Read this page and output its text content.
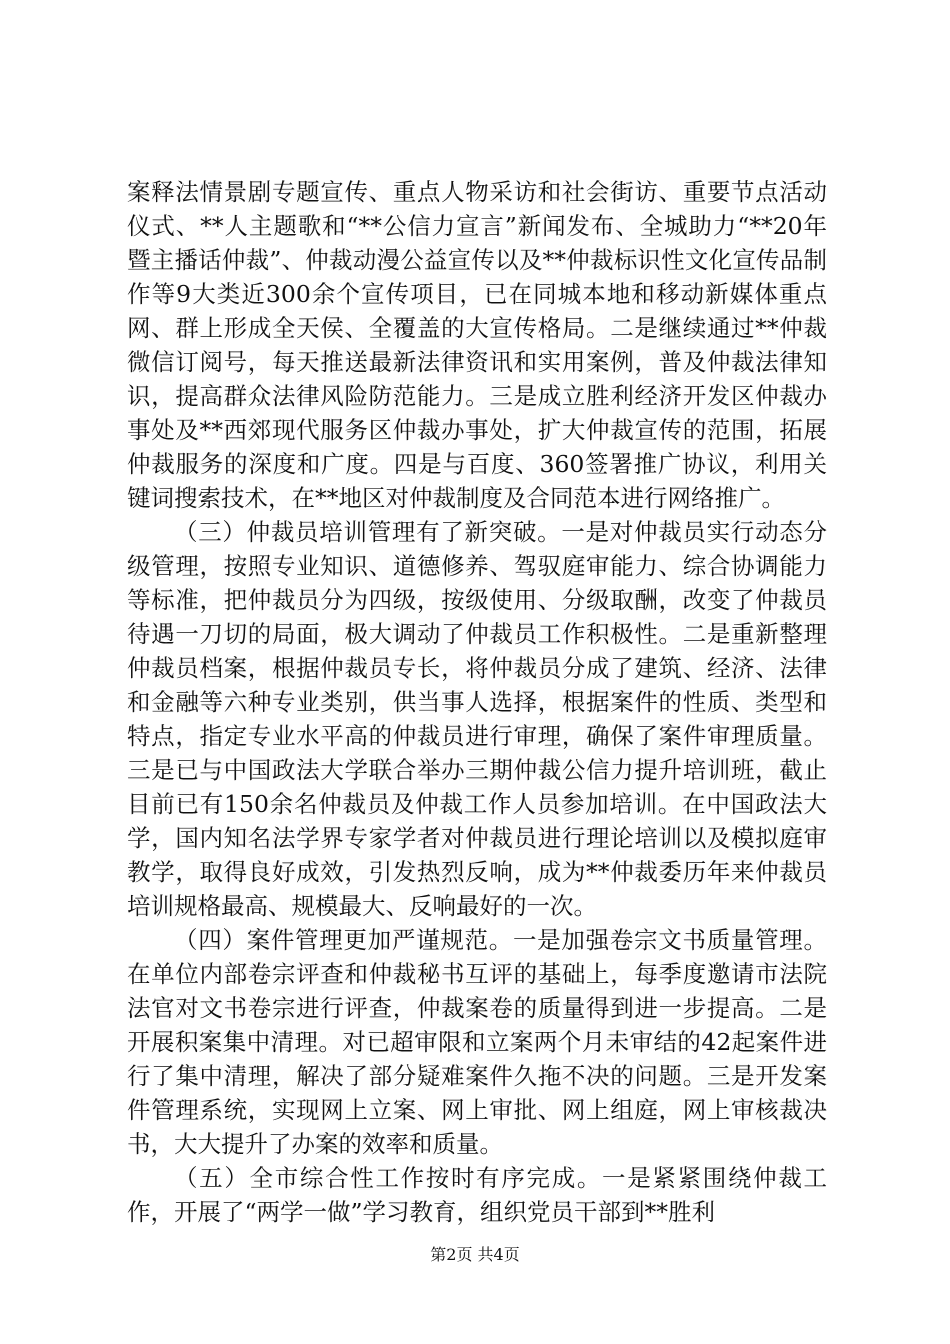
案释法情景剧专题宣传、重点人物采访和社会街访、重要节点活动仪式、**人主题歌和“**公信力宣言”新闻发布、全城助力“**20年暨主播话仲裁”、仲裁动漫公益宣传以及**仲裁标识性文化宣传品制作等9大类近300余个宣传项目，已在同城本地和移动新媒体重点网、群上形成全天侯、全覆盖的大宣传格局。二是继续通过**仲裁微信订阅号，每天推送最新法律资讯和实用案例，普及仲裁法律知识，提高群众法律风险防范能力。三是成立胜利经济开发区仲裁办事处及**西郊现代服务区仲裁办事处，扩大仲裁宣传的范围，拓展仲裁服务的深度和广度。四是与百度、360签署推广协议，利用关键词搜索技术，在**地区对仲裁制度及合同范本进行网络推广。

（三）仲裁员培训管理有了新突破。一是对仲裁员实行动态分级管理，按照专业知识、道德修养、驾驭庭审能力、综合协调能力等标准，把仲裁员分为四级，按级使用、分级取酬，改变了仲裁员待遇一刀切的局面，极大调动了仲裁员工作积极性。二是重新整理仲裁员档案，根据仲裁员专长，将仲裁员分成了建筑、经济、法律和金融等六种专业类别，供当事人选择，根据案件的性质、类型和特点，指定专业水平高的仲裁员进行审理，确保了案件审理质量。三是已与中国政法大学联合举办三期仲裁公信力提升培训班，截止目前已有150余名仲裁员及仲裁工作人员参加培训。在中国政法大学，国内知名法学界专家学者对仲裁员进行理论培训以及模拟庭审教学，取得良好成效，引发热烈反响，成为**仲裁委历年来仲裁员培训规格最高、规模最大、反响最好的一次。

（四）案件管理更加严谨规范。一是加强卷宗文书质量管理。在单位内部卷宗评查和仲裁秘书互评的基础上，每季度邀请市法院法官对文书卷宗进行评查，仲裁案卷的质量得到进一步提高。二是开展积案集中清理。对已超审限和立案两个月未审结的42起案件进行了集中清理，解决了部分疑难案件久拖不决的问题。三是开发案件管理系统，实现网上立案、网上审批、网上组庭，网上审核裁决书，大大提升了办案的效率和质量。

（五）全市综合性工作按时有序完成。一是紧紧围绕仲裁工作，开展了“两学一做”学习教育，组织党员干部到**胜利

第2页 共4页
